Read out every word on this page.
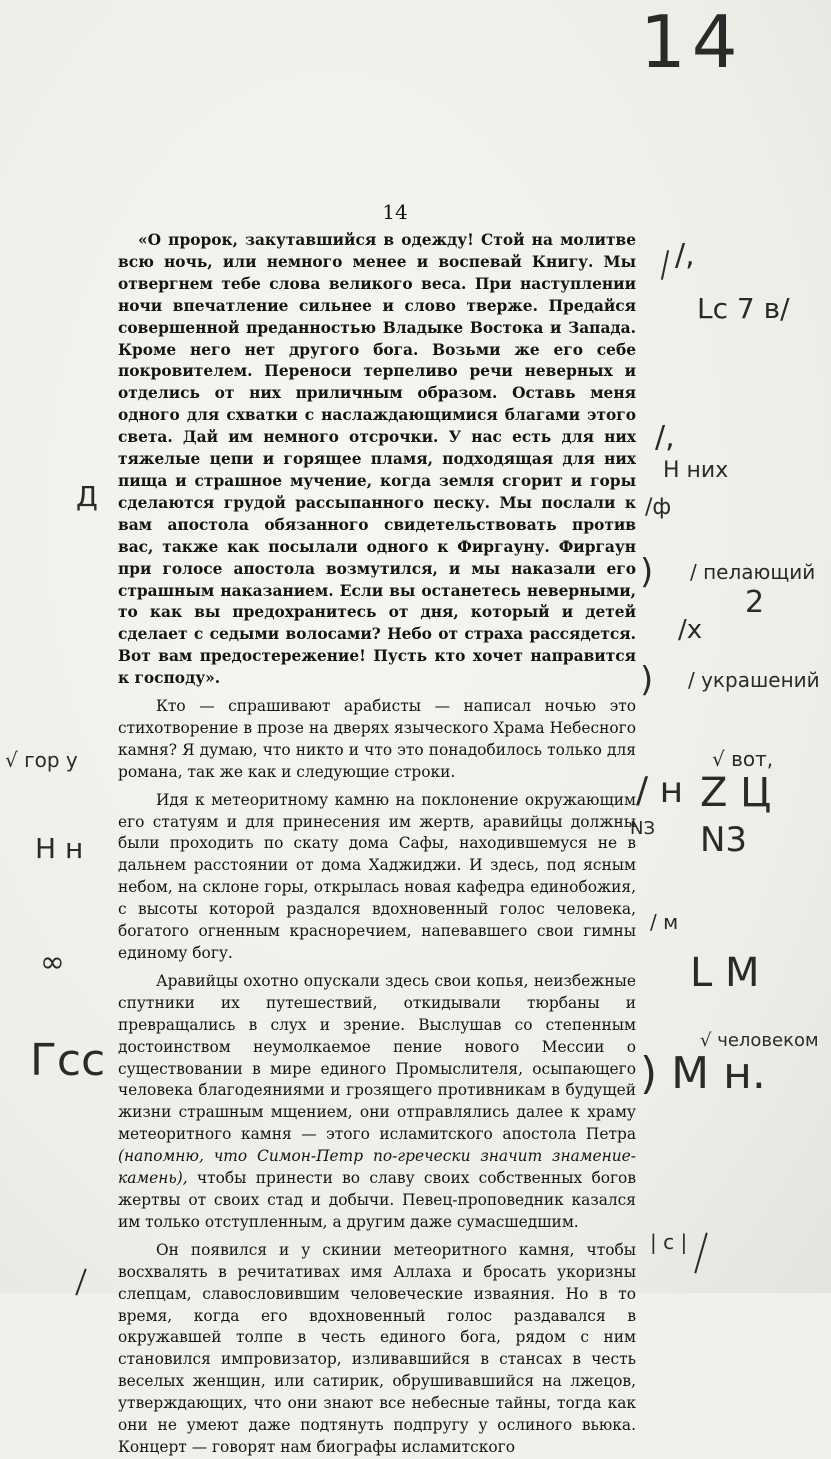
14
14

«О пророк, закутавшийся в одежду! Стой на молитве всю ночь, или немного менее и воспевай Книгу. Мы отвергнем тебе слова великого веса. При наступлении ночи впечатление сильнее и слово тверже. Предайся совершенной преданностью Владыке Востока и Запада. Кроме него нет другого бога. Возьми же его себе покровителем. Переноси терпеливо речи неверных и отделись от них приличным образом. Оставь меня одного для схватки с наслаждающимися благами этого света. Дай им немного отсрочки. У нас есть для них тяжелые цепи и горящее пламя, подходящая для них пища и страшное мучение, когда земля сгорит и горы сделаются грудой рассыпанного песку. Мы послали к вам апостола обязанного свидетельствовать против вас, также как посылали одного к Фиргауну. Фиргаун при голосе апостола возмутился, и мы наказали его страшным наказанием. Если вы останетесь неверными, то как вы предохранитесь от дня, который и детей сделает с седыми волосами? Небо от страха рассядется. Вот вам предостережение! Пусть кто хочет направится к господу».

Кто — спрашивают арабисты — написал ночью это стихотворение в прозе на дверях языческого Храма Небесного камня? Я думаю, что никто и что это понадобилось только для романа, так же как и следующие строки.

Идя к метеоритному камню на поклонение окружающим его статуям и для принесения им жертв, аравийцы должны были проходить по скату дома Сафы, находившемуся не в дальнем расстоянии от дома Хаджиджи. И здесь, под ясным небом, на склоне горы, открылась новая кафедра единобожия, с высоты которой раздался вдохновенный голос человека, богатого огненным красноречием, напевавшего свои гимны единому богу.

Аравийцы охотно опускали здесь свои копья, неизбежные спутники их путешествий, откидывали тюрбаны и превращались в слух и зрение. Выслушав со степенным достоинством неумолкаемое пение нового Мессии о существовании в мире единого Промыслителя, осыпающего человека благодеяниями и грозящего противникам в будущей жизни страшным мщением, они отправлялись далее к храму метеоритного камня — этого исламитского апостола Петра (напомню, что Симон-Петр по-гречески значит знамение-камень), чтобы принести во славу своих собственных богов жертвы от своих стад и добычи. Певец-проповедник казался им только отступленным, а другим даже сумасшедшим.

Он появился и у скинии метеоритного камня, чтобы восхвалять в речитативах имя Аллаха и бросать укоризны слепцам, славословившим человеческие изваяния. Но в то время, когда его вдохновенный голос раздавался в окружавшей толпе в честь единого бога, рядом с ним становился импровизатор, изливавшийся в стансах в честь веселых женщин, или сатирик, обрушивавшийся на лжецов, утверждающих, что они знают все небесные тайны, тогда как они не умеют даже подтянуть подпругу у ослиного вьюка. Концерт — говорят нам биографы исламитского

/,
Lc 7 в/
/,
Н них
/ф
Д
) / пелающий
2
/х
) / украшений
√ гор у	√ вот,
/ н Z Ц
N3
NЗ
Н н
/ м
∞	L М
√ человеком
Гсс	) М н.
| с |
